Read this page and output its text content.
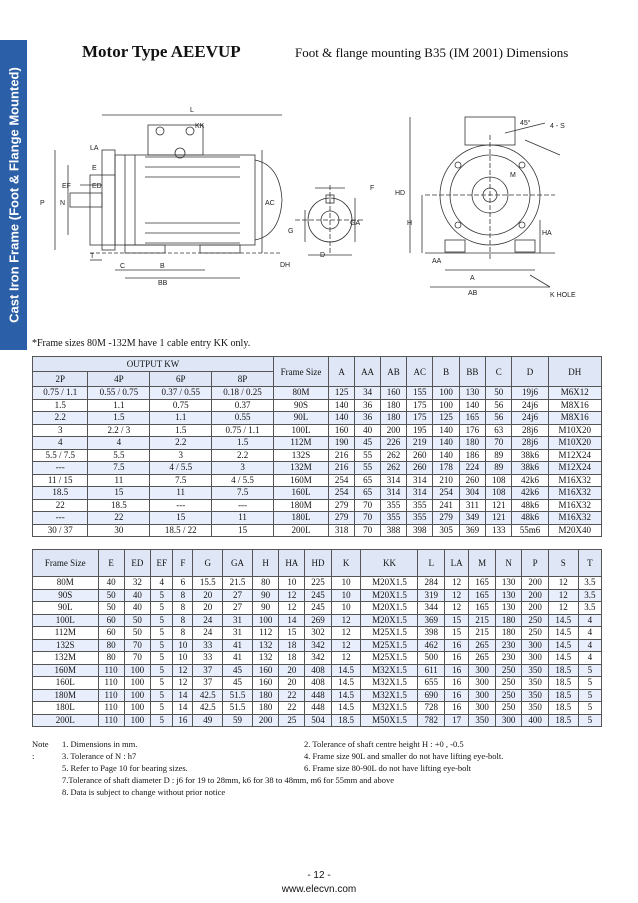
Cast Iron Frame (Foot & Flange Mounted)
Motor Type AEEVUP	Foot & flange mounting B35 (IM 2001) Dimensions
L
KK
LA
E
EF	ED
P N	AC
T
C	B
BB
F
G
GA
DH
D
HD
H
AA
A
AB
HA
M
4 - S
45°
K HOLE
*Frame sizes 80M -132M have 1 cable entry KK only.
OUTPUT KW				Frame Size	A	AA	AB	AC	B	BB	C	D	DH
2P	4P	6P	8P										
0.75 / 1.1	0.55 / 0.75	0.37 / 0.55	0.18 / 0.25	80M	125	34	160	155	100	130	50	19j6	M6X12
1.5	1.1	0.75	0.37	90S	140	36	180	175	100	140	56	24j6	M8X16
2.2	1.5	1.1	0.55	90L	140	36	180	175	125	165	56	24j6	M8X16
3	2.2 / 3	1.5	0.75 / 1.1	100L	160	40	200	195	140	176	63	28j6	M10X20
4	4	2.2	1.5	112M	190	45	226	219	140	180	70	28j6	M10X20
5.5 / 7.5	5.5	3	2.2	132S	216	55	262	260	140	186	89	38k6	M12X24
---	7.5	4 / 5.5	3	132M	216	55	262	260	178	224	89	38k6	M12X24
11 / 15	11	7.5	4 / 5.5	160M	254	65	314	314	210	260	108	42k6	M16X32
18.5	15	11	7.5	160L	254	65	314	314	254	304	108	42k6	M16X32
22	18.5	---	---	180M	279	70	355	355	241	311	121	48k6	M16X32
---	22	15	11	180L	279	70	355	355	279	349	121	48k6	M16X32
30 / 37	30	18.5 / 22	15	200L	318	70	388	398	305	369	133	55m6	M20X40
Frame Size	E	ED	EF	F	G	GA	H	HA	HD	K	KK	L	LA	M	N	P	S	T
80M	40	32	4	6	15.5	21.5	80	10	225	10	M20X1.5	284	12	165	130	200	12	3.5
90S	50	40	5	8	20	27	90	12	245	10	M20X1.5	319	12	165	130	200	12	3.5
90L	50	40	5	8	20	27	90	12	245	10	M20X1.5	344	12	165	130	200	12	3.5
100L	60	50	5	8	24	31	100	14	269	12	M20X1.5	369	15	215	180	250	14.5	4
112M	60	50	5	8	24	31	112	15	302	12	M25X1.5	398	15	215	180	250	14.5	4
132S	80	70	5	10	33	41	132	18	342	12	M25X1.5	462	16	265	230	300	14.5	4
132M	80	70	5	10	33	41	132	18	342	12	M25X1.5	500	16	265	230	300	14.5	4
160M	110	100	5	12	37	45	160	20	408	14.5	M32X1.5	611	16	300	250	350	18.5	5
160L	110	100	5	12	37	45	160	20	408	14.5	M32X1.5	655	16	300	250	350	18.5	5
180M	110	100	5	14	42.5	51.5	180	22	448	14.5	M32X1.5	690	16	300	250	350	18.5	5
180L	110	100	5	14	42.5	51.5	180	22	448	14.5	M32X1.5	728	16	300	250	350	18.5	5
200L	110	100	5	16	49	59	200	25	504	18.5	M50X1.5	782	17	350	300	400	18.5	5
Note :
1. Dimensions in mm.	2. Tolerance of shaft centre height H : +0 , -0.5
3. Tolerance of N : h7	4. Frame size 90L and smaller do not have lifting eye-bolt.
5. Refer to Page 10 for bearing sizes.	6. Frame size 80-90L do not have lifting eye-bolt
7.Tolerance of shaft diameter D : j6 for 19 to 28mm, k6 for 38 to 48mm, m6 for 55mm and above
8. Data is subject to change without prior notice
- 12 -
www.elecvn.com
